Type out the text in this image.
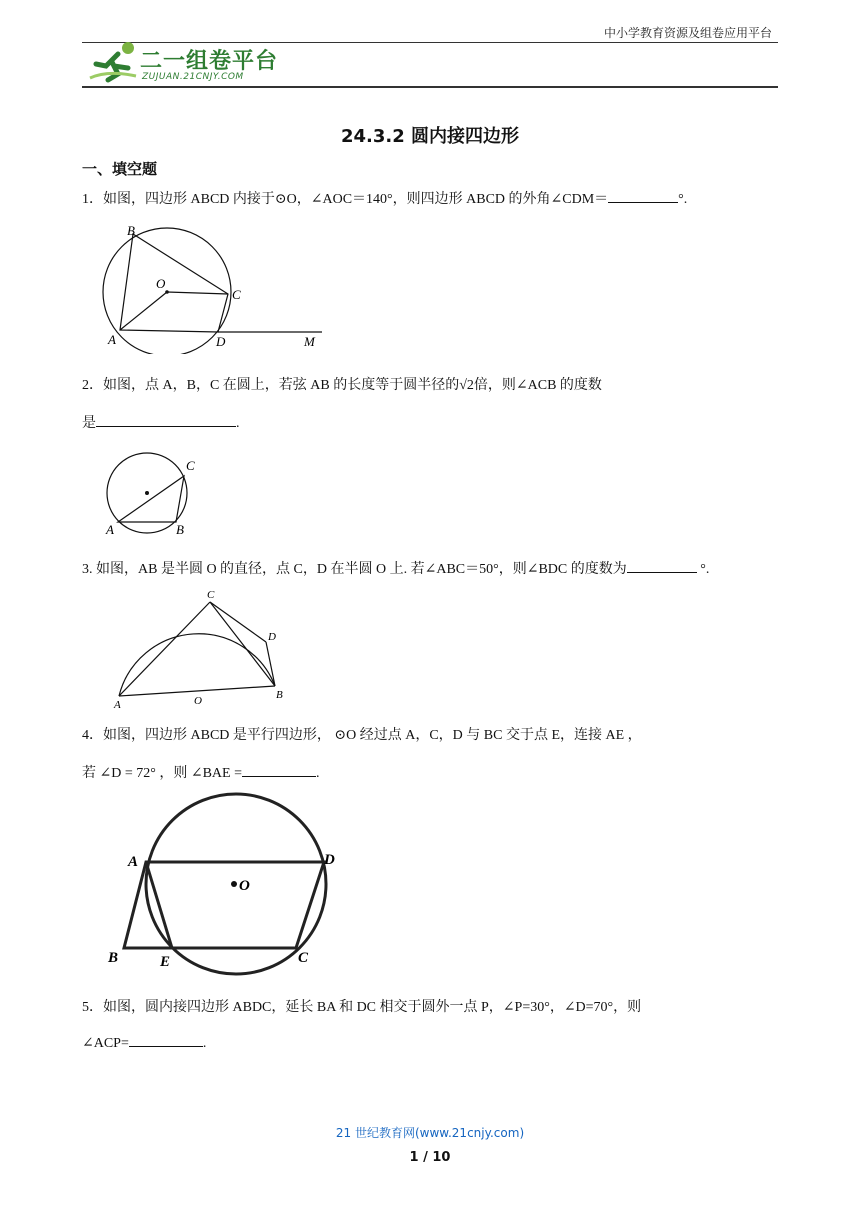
中小学教育资源及组卷应用平台
二一组卷平台
ZUJUAN.21CNJY.COM
24.3.2 圆内接四边形
一、填空题
1．如图，四边形 ABCD 内接于⊙O，∠AOC＝140°，则四边形 ABCD 的外角∠CDM＝	°.
B
O
C
A	D	M
2．如图，点 A，B，C 在圆上，若弦 AB 的长度等于圆半径的√2倍，则∠ACB 的度数
是	.
C
A	B
3. 如图，AB 是半圆 O 的直径，点 C，D 在半圆 O 上. 若∠ABC＝50°，则∠BDC 的度数为	°.
C
D
A	O	B
4．如图，四边形 ABCD 是平行四边形， ⊙O 经过点 A，C，D 与 BC 交于点 E，连接 AE ，
若 ∠D = 72° ，则 ∠BAE =	.
A	D
O
B	E	C
5．如图，圆内接四边形 ABDC，延长 BA 和 DC 相交于圆外一点 P，∠P=30°，∠D=70°，则
∠ACP=	.
21 世纪教育网(www.21cnjy.com)
1 / 10
